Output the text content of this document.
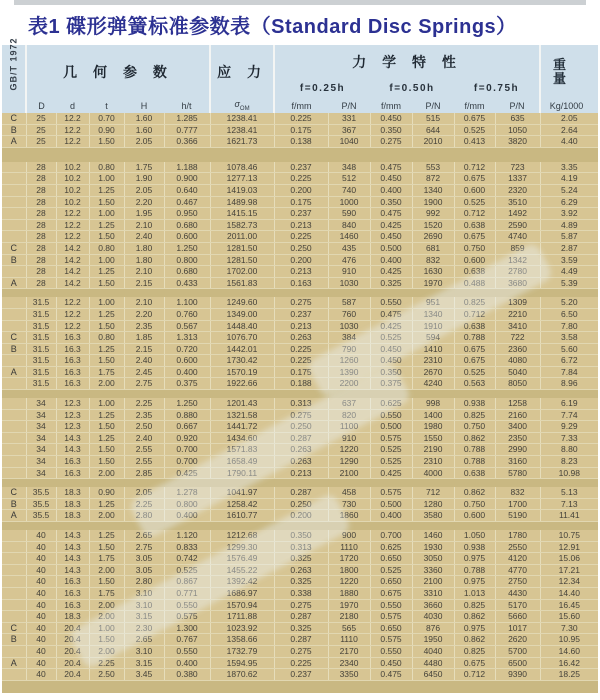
表1 碟形弹簧标准参数表（Standard Disc Springs）
GB/T 1972	几 何 参 数					应 力	力 学 特 性						重
量

							f=0.25h		f=0.50h		f=0.75h		
	D	d	t	H	h/t	$\sigma_{OM}$	f/mm	P/N	f/mm	P/N	f/mm	P/N	Kg/1000
C	25	12.2	0.70	1.60	1.285	1238.41	0.225	331	0.450	515	0.675	635	2.05
B	25	12.2	0.90	1.60	0.777	1238.41	0.175	367	0.350	644	0.525	1050	2.64
A	25	12.2	1.50	2.05	0.366	1621.73	0.138	1040	0.275	2010	0.413	3820	4.40

	28	10.2	0.80	1.75	1.188	1078.46	0.237	348	0.475	553	0.712	723	3.35
	28	10.2	1.00	1.90	0.900	1277.13	0.225	512	0.450	872	0.675	1337	4.19
	28	10.2	1.25	2.05	0.640	1419.03	0.200	740	0.400	1340	0.600	2320	5.24
	28	10.2	1.50	2.20	0.467	1489.98	0.175	1000	0.350	1900	0.525	3510	6.29
	28	12.2	1.00	1.95	0.950	1415.15	0.237	590	0.475	992	0.712	1492	3.92
	28	12.2	1.25	2.10	0.680	1582.73	0.213	840	0.425	1520	0.638	2590	4.89
	28	12.2	1.50	2.40	0.600	2011.00	0.225	1460	0.450	2690	0.675	4740	5.87
C	28	14.2	0.80	1.80	1.250	1281.50	0.250	435	0.500	681	0.750	859	2.87
B	28	14.2	1.00	1.80	0.800	1281.50	0.200	476	0.400	832	0.600	1342	3.59
	28	14.2	1.25	2.10	0.680	1702.00	0.213	910	0.425	1630	0.638	2780	4.49
A	28	14.2	1.50	2.15	0.433	1561.83	0.163	1030	0.325	1970	0.488	3680	5.39

	31.5	12.2	1.00	2.10	1.100	1249.60	0.275	587	0.550	951	0.825	1309	5.20
	31.5	12.2	1.25	2.20	0.760	1349.00	0.237	760	0.475	1340	0.712	2210	6.50
	31.5	12.2	1.50	2.35	0.567	1448.40	0.213	1030	0.425	1910	0.638	3410	7.80
C	31.5	16.3	0.80	1.85	1.313	1076.70	0.263	384	0.525	594	0.788	722	3.58
B	31.5	16.3	1.25	2.15	0.720	1442.01	0.225	790	0.450	1410	0.675	2360	5.60
	31.5	16.3	1.50	2.40	0.600	1730.42	0.225	1260	0.450	2310	0.675	4080	6.72
A	31.5	16.3	1.75	2.45	0.400	1570.19	0.175	1390	0.350	2670	0.525	5040	7.84
	31.5	16.3	2.00	2.75	0.375	1922.66	0.188	2200	0.375	4240	0.563	8050	8.96

	34	12.3	1.00	2.25	1.250	1201.43	0.313	637	0.625	998	0.938	1258	6.19
	34	12.3	1.25	2.35	0.880	1321.58	0.275	820	0.550	1400	0.825	2160	7.74
	34	12.3	1.50	2.50	0.667	1441.72	0.250	1100	0.500	1980	0.750	3400	9.29
	34	14.3	1.25	2.40	0.920	1434.60	0.287	910	0.575	1550	0.862	2350	7.33
	34	14.3	1.50	2.55	0.700	1571.83	0.263	1220	0.525	2190	0.788	2990	8.80
	34	16.3	1.50	2.55	0.700	1658.49	0.263	1290	0.525	2310	0.788	3160	8.23
	34	16.3	2.00	2.85	0.425	1790.11	0.213	2100	0.425	4000	0.638	5780	10.98

C	35.5	18.3	0.90	2.05	1.278	1041.97	0.287	458	0.575	712	0.862	832	5.13
B	35.5	18.3	1.25	2.25	0.800	1258.42	0.250	730	0.500	1280	0.750	1700	7.13
A	35.5	18.3	2.00	2.80	0.400	1610.77	0.200	1860	0.400	3580	0.600	5190	11.41

	40	14.3	1.25	2.65	1.120	1212.68	0.350	900	0.700	1460	1.050	1780	10.75
	40	14.3	1.50	2.75	0.833	1299.30	0.313	1110	0.625	1930	0.938	2550	12.91
	40	14.3	1.75	3.05	0.742	1576.49	0.325	1720	0.650	3050	0.975	4120	15.06
	40	14.3	2.00	3.05	0.525	1455.22	0.263	1800	0.525	3360	0.788	4770	17.21
	40	16.3	1.50	2.80	0.867	1392.42	0.325	1220	0.650	2100	0.975	2750	12.34
	40	16.3	1.75	3.10	0.771	1686.97	0.338	1880	0.675	3310	1.013	4430	14.40
	40	16.3	2.00	3.10	0.550	1570.94	0.275	1970	0.550	3660	0.825	5170	16.45
	40	18.3	2.00	3.15	0.575	1711.88	0.287	2180	0.575	4030	0.862	5660	15.60
C	40	20.4	1.00	2.30	1.300	1023.92	0.325	565	0.650	876	0.975	1017	7.30
B	40	20.4	1.50	2.65	0.767	1358.66	0.287	1110	0.575	1950	0.862	2620	10.95
	40	20.4	2.00	3.10	0.550	1732.79	0.275	2170	0.550	4040	0.825	5700	14.60
A	40	20.4	2.25	3.15	0.400	1594.95	0.225	2340	0.450	4480	0.675	6500	16.42
	40	20.4	2.50	3.45	0.380	1870.62	0.237	3350	0.475	6450	0.712	9390	18.25
